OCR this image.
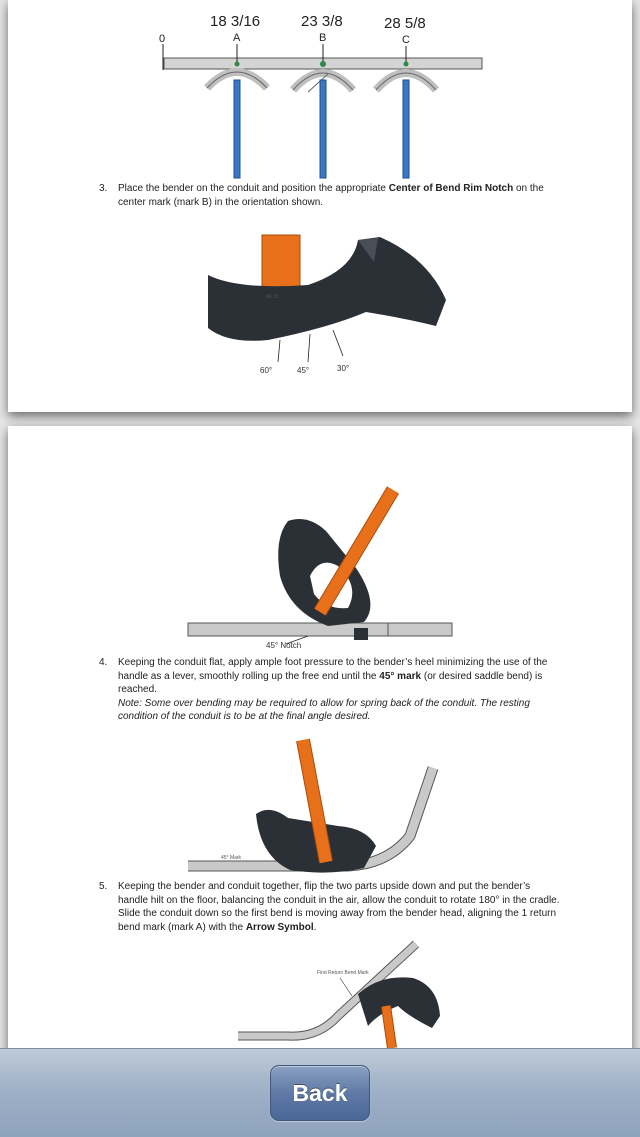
0
18 3/16
A
23 3/8
B
28 5/8
C
3. Place the bender on the conduit and position the appropriate Center of Bend Rim Notch on the center mark (mark B) in the orientation shown.
96 30
60°	45°	30°
45° Notch
4. Keeping the conduit flat, apply ample foot pressure to the bender’s heel minimizing the use of the handle as a lever, smoothly rolling up the free end until the 45° mark (or desired saddle bend) is reached.
Note: Some over bending may be required to allow for spring back of the conduit. The resting condition of the conduit is to be at the final angle desired.
45° Mark
5. Keeping the bender and conduit together, flip the two parts upside down and put the bender’s handle hilt on the floor, balancing the conduit in the air, allow the conduit to rotate 180° in the cradle. Slide the conduit down so the first bend is moving away from the bender head, aligning the 1 return bend mark (mark A) with the Arrow Symbol.
First Return Bend Mark
Back
